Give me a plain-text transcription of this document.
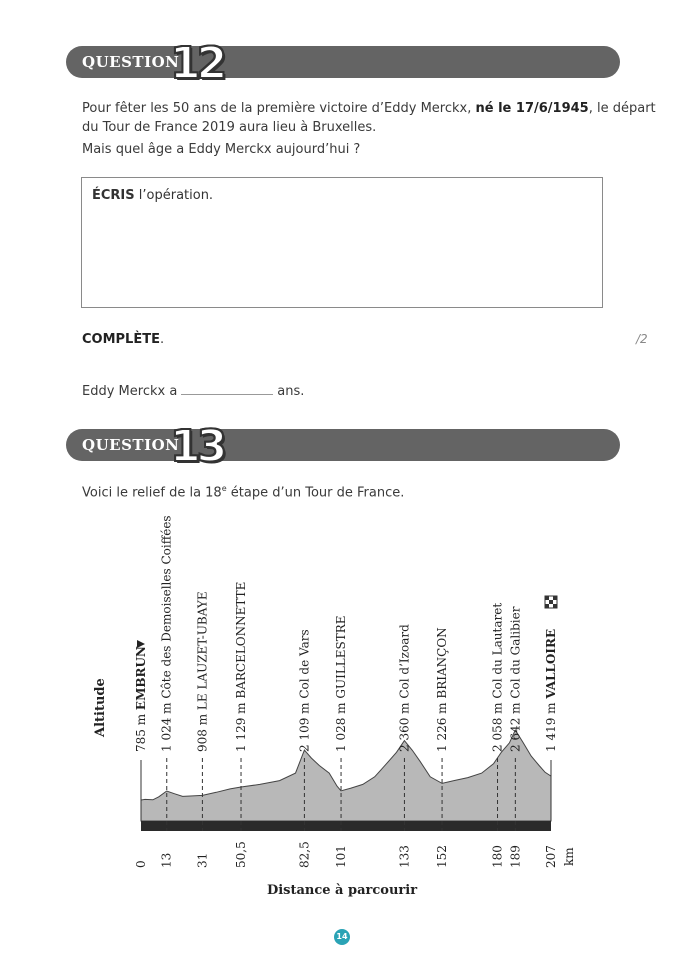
QUESTION
12
Pour fêter les 50 ans de la première victoire d’Eddy Merckx, né le 17/6/1945, le départ
du Tour de France 2019 aura lieu à Bruxelles.
Mais quel âge a Eddy Merckx aujourd’hui ?
ÉCRIS l’opération.
COMPLÈTE.	/2
Eddy Merckx a	ans.
QUESTION
13
Voici le relief de la 18e étape d’un Tour de France.
Altitude
Distance à parcourir
785 m EMBRUN
0
1 024 m Côte des Demoiselles Coiffées
13
908 m LE LAUZET-UBAYE
31
1 129 m BARCELONNETTE
50,5
2 109 m Col de Vars
82,5
1 028 m GUILLESTRE
101
2 360 m Col d’Izoard
133
1 226 m BRIANÇON
152
2 058 m Col du Lautaret
180
2 642 m Col du Galibier
189
1 419 m VALLOIRE
207 km
14
